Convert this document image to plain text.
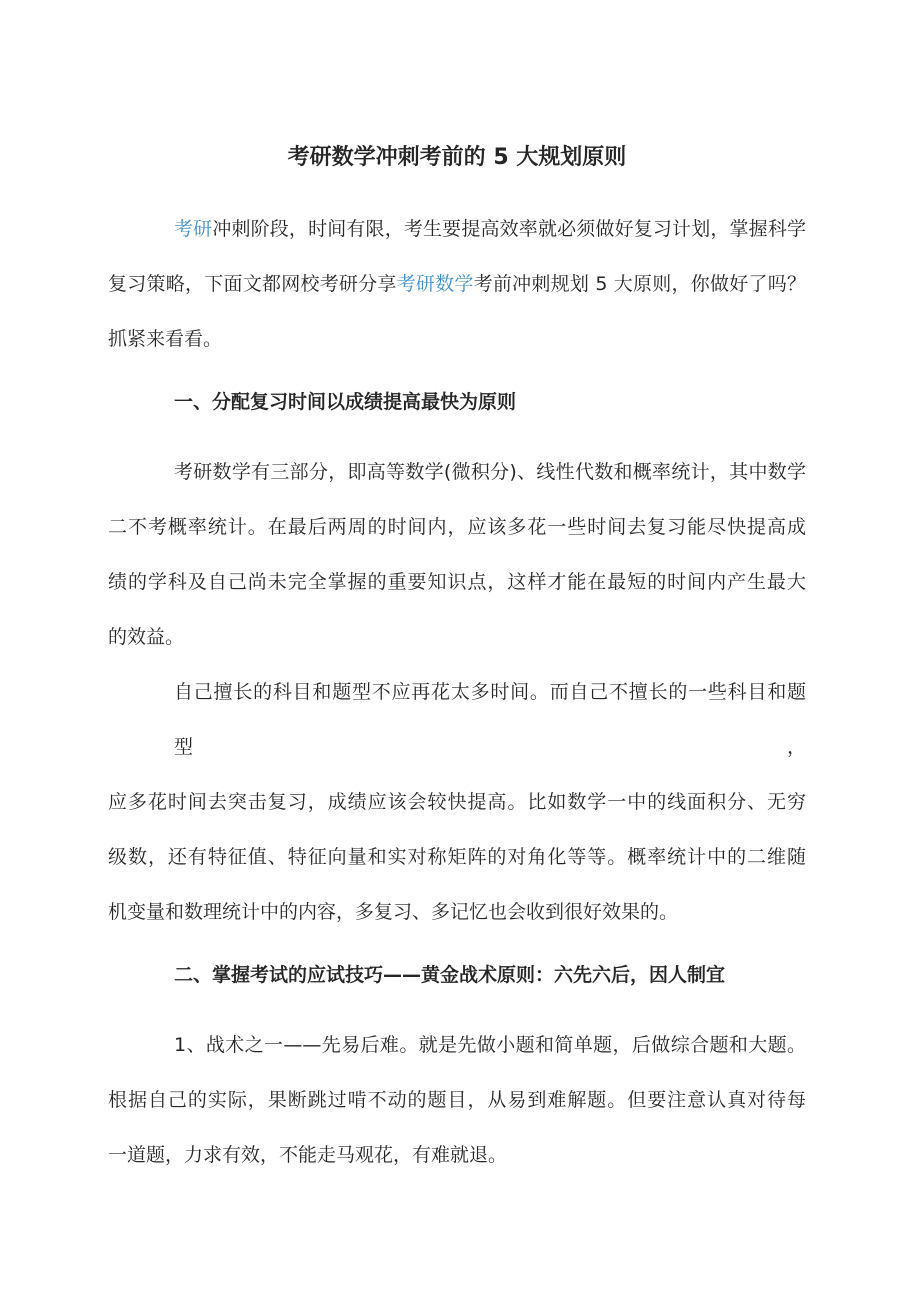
考研数学冲刺考前的 5 大规划原则
考研冲刺阶段，时间有限，考生要提高效率就必须做好复习计划，掌握科学
复习策略，下面文都网校考研分享考研数学考前冲刺规划 5 大原则，你做好了吗？
抓紧来看看。
一、分配复习时间以成绩提高最快为原则
考研数学有三部分，即高等数学(微积分)、线性代数和概率统计，其中数学
二不考概率统计。在最后两周的时间内，应该多花一些时间去复习能尽快提高成
绩的学科及自己尚未完全掌握的重要知识点，这样才能在最短的时间内产生最大
的效益。
自己擅长的科目和题型不应再花太多时间。而自己不擅长的一些科目和题型，
应多花时间去突击复习，成绩应该会较快提高。比如数学一中的线面积分、无穷
级数，还有特征值、特征向量和实对称矩阵的对角化等等。概率统计中的二维随
机变量和数理统计中的内容，多复习、多记忆也会收到很好效果的。
二、掌握考试的应试技巧——黄金战术原则：六先六后，因人制宜
1、战术之一——先易后难。就是先做小题和简单题，后做综合题和大题。
根据自己的实际，果断跳过啃不动的题目，从易到难解题。但要注意认真对待每
一道题，力求有效，不能走马观花，有难就退。
